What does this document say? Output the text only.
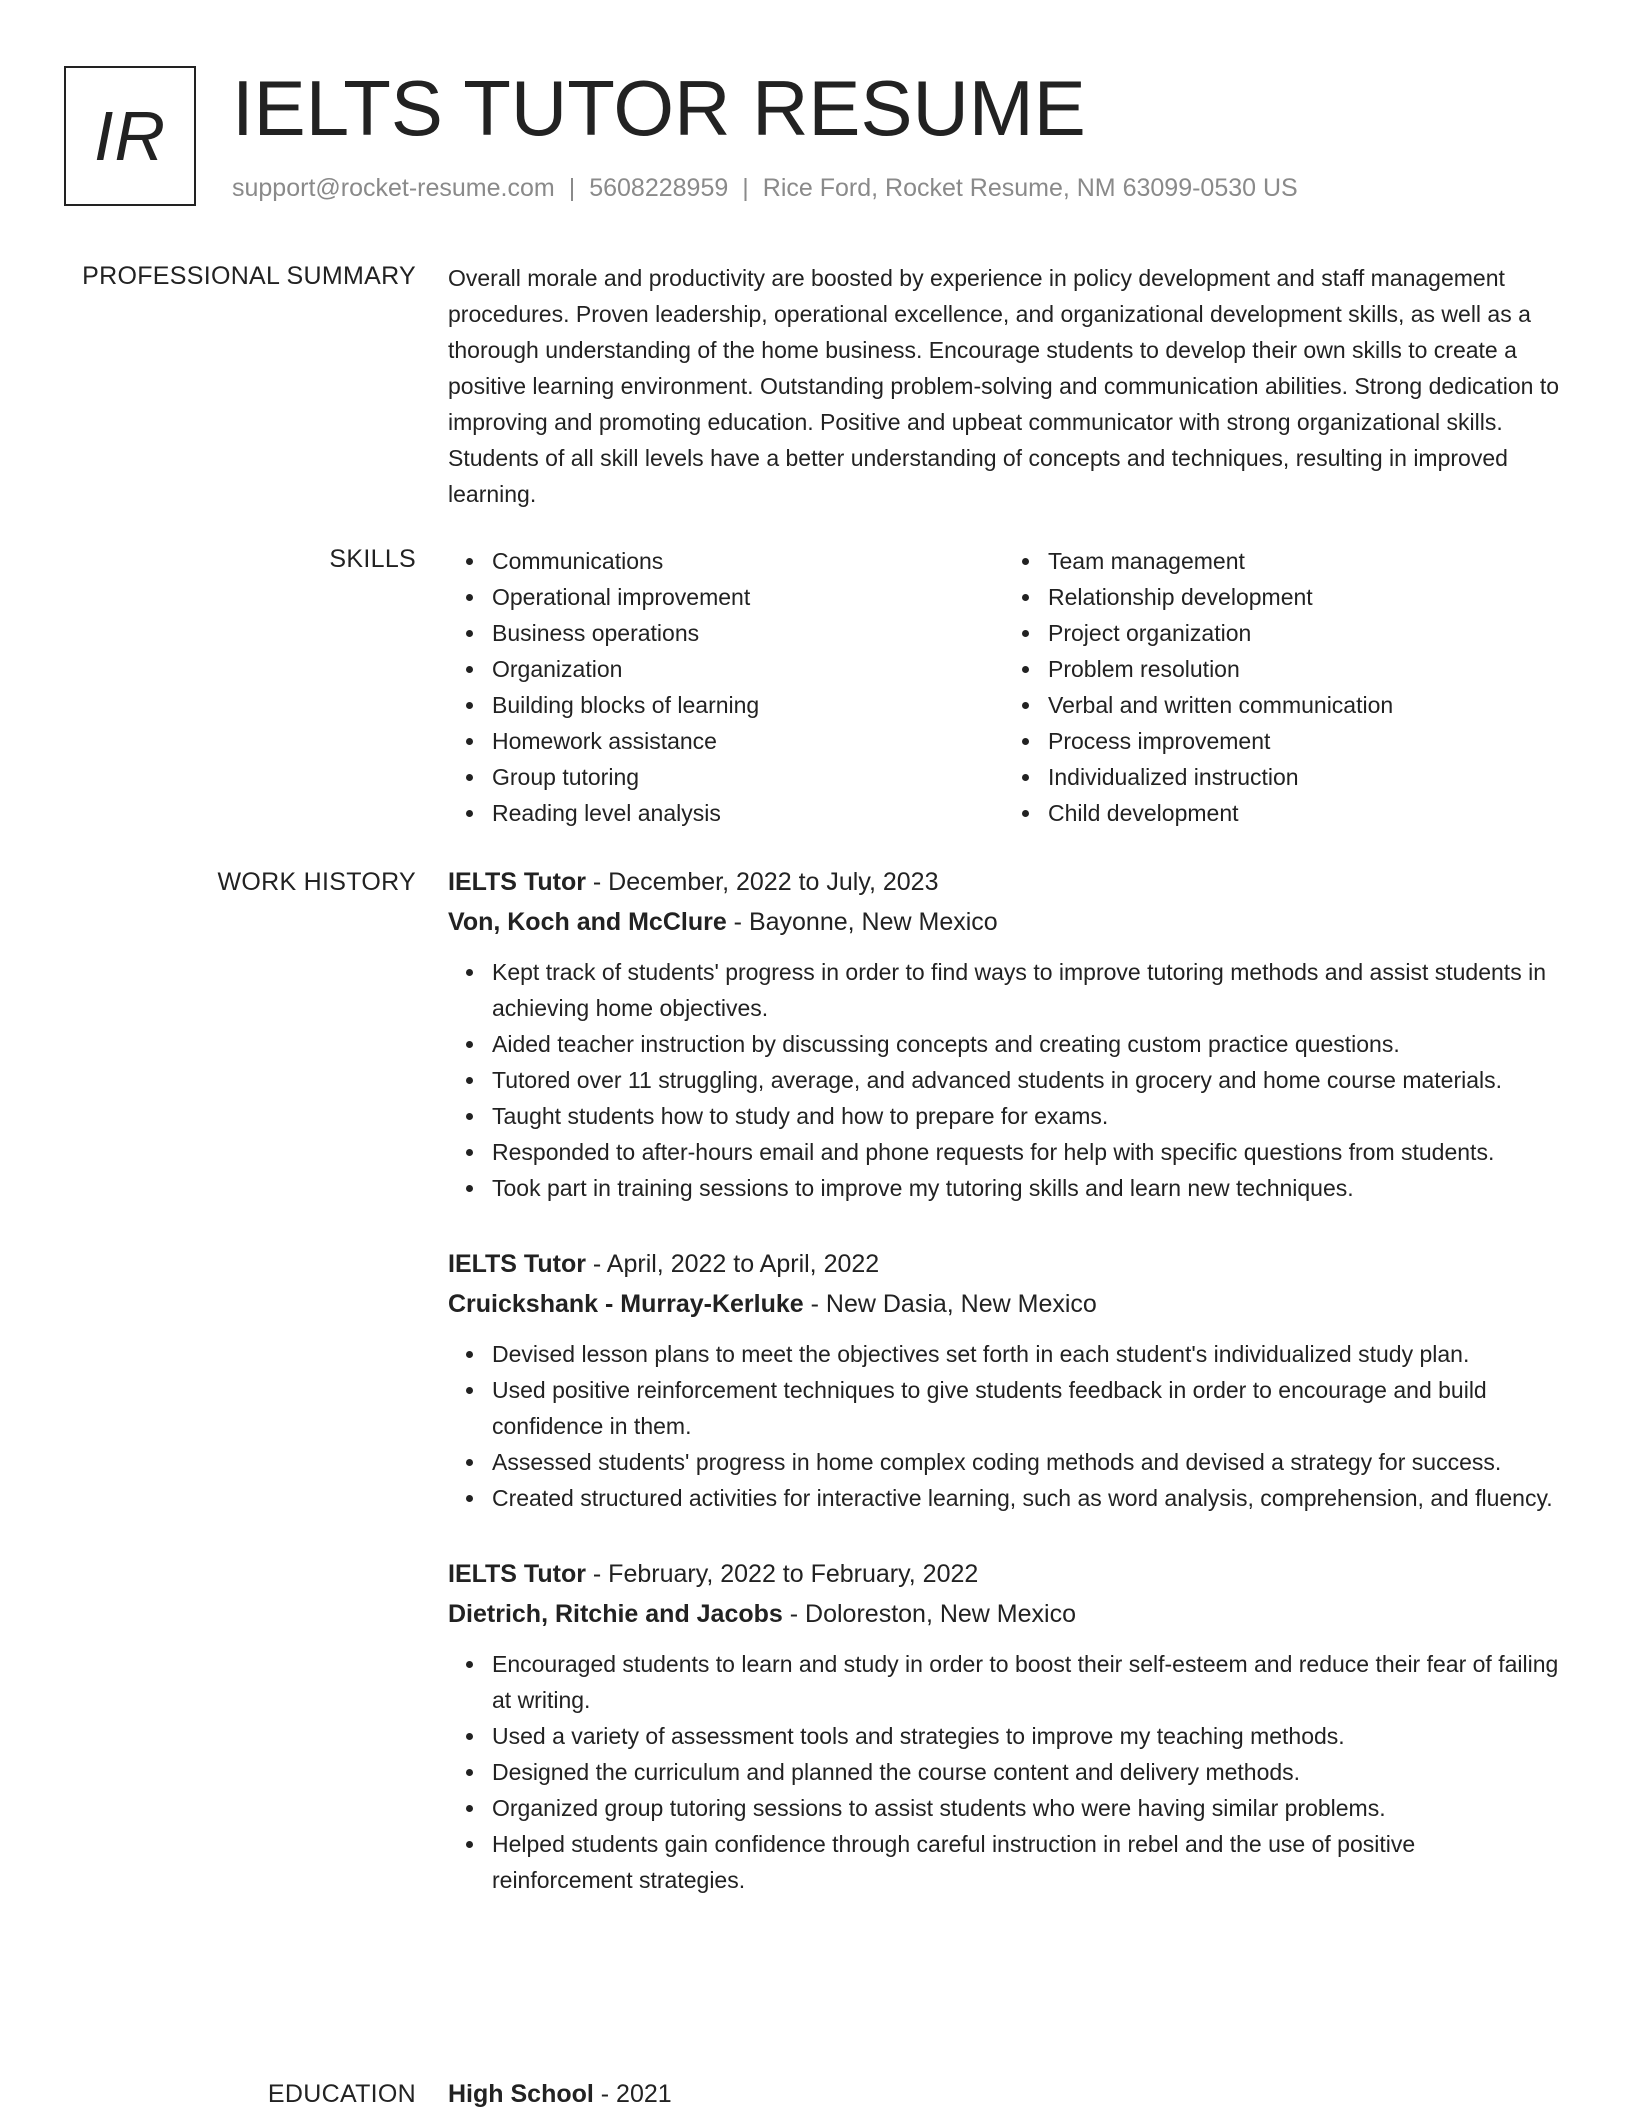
IR IELTS TUTOR RESUME
support@rocket-resume.com | 5608228959 | Rice Ford, Rocket Resume, NM 63099-0530 US
PROFESSIONAL SUMMARY Overall morale and productivity are boosted by experience in policy development and staff management procedures. Proven leadership, operational excellence, and organizational development skills, as well as a thorough understanding of the home business. Encourage students to develop their own skills to create a positive learning environment. Outstanding problem-solving and communication abilities. Strong dedication to improving and promoting education. Positive and upbeat communicator with strong organizational skills. Students of all skill levels have a better understanding of concepts and techniques, resulting in improved learning.

SKILLS	Communications
Operational improvement
Business operations
Organization
Building blocks of learning
Homework assistance
Group tutoring
Reading level analysis
Team management
Relationship development
Project organization
Problem resolution
Verbal and written communication
Process improvement
Individualized instruction
Child development
WORK HISTORY IELTS Tutor - December, 2022 to July, 2023
Von, Koch and McClure - Bayonne, New Mexico
Kept track of students' progress in order to find ways to improve tutoring methods and assist students in achieving home objectives.
Aided teacher instruction by discussing concepts and creating custom practice questions.
Tutored over 11 struggling, average, and advanced students in grocery and home course materials.
Taught students how to study and how to prepare for exams.
Responded to after-hours email and phone requests for help with specific questions from students.
Took part in training sessions to improve my tutoring skills and learn new techniques.
IELTS Tutor - April, 2022 to April, 2022
Cruickshank - Murray-Kerluke - New Dasia, New Mexico
Devised lesson plans to meet the objectives set forth in each student's individualized study plan.
Used positive reinforcement techniques to give students feedback in order to encourage and build confidence in them.
Assessed students' progress in home complex coding methods and devised a strategy for success.
Created structured activities for interactive learning, such as word analysis, comprehension, and fluency.
IELTS Tutor - February, 2022 to February, 2022
Dietrich, Ritchie and Jacobs - Doloreston, New Mexico
Encouraged students to learn and study in order to boost their self-esteem and reduce their fear of failing at writing.
Used a variety of assessment tools and strategies to improve my teaching methods.
Designed the curriculum and planned the course content and delivery methods.
Organized group tutoring sessions to assist students who were having similar problems.
Helped students gain confidence through careful instruction in rebel and the use of positive reinforcement strategies.
EDUCATION High School - 2021
